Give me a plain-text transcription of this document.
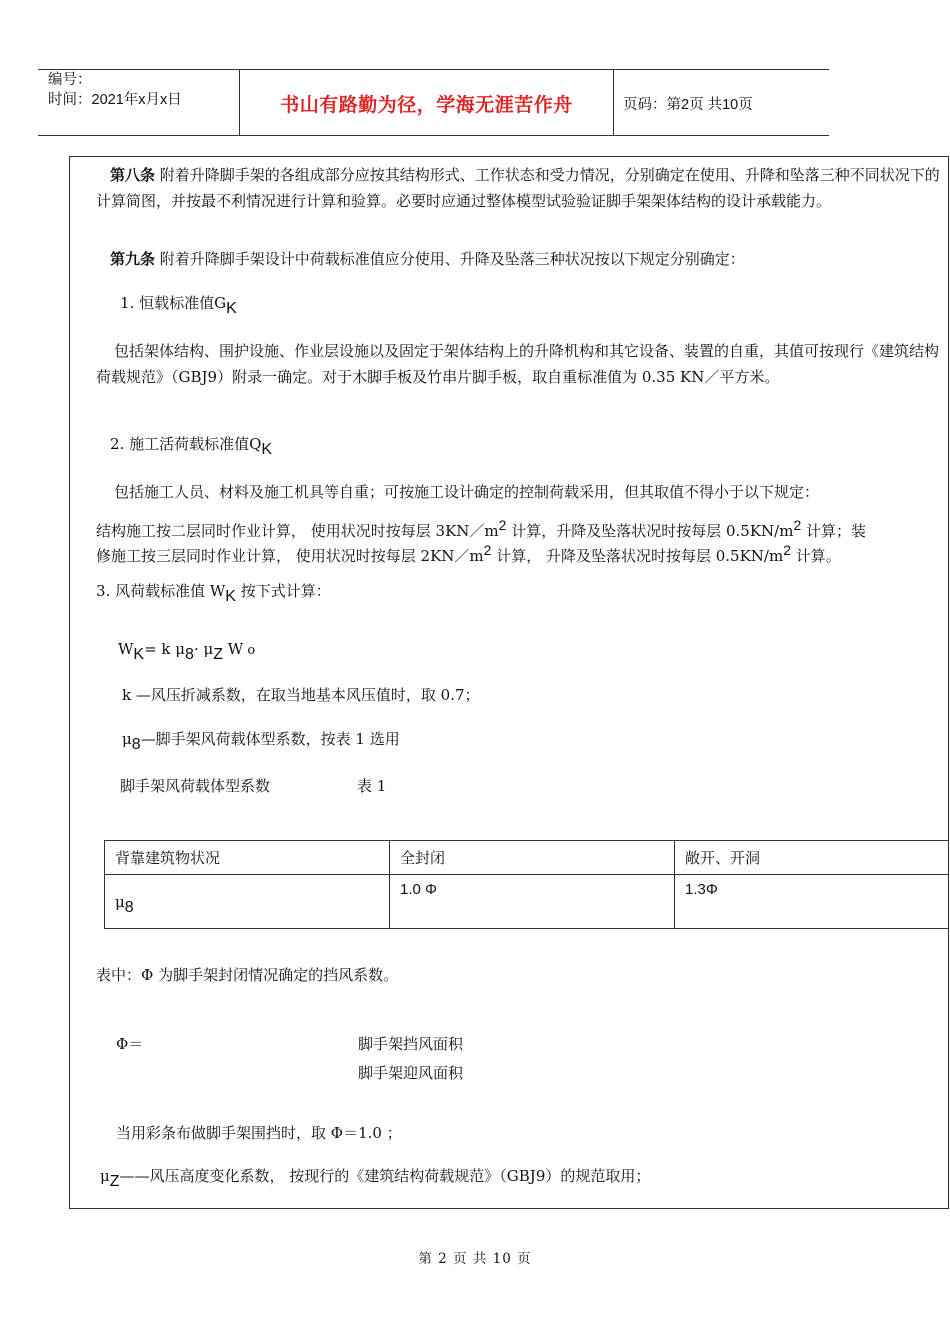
编号：
时间：2021年x月x日	书山有路勤为径，学海无涯苦作舟	页码：第2页 共10页
第八条 附着升降脚手架的各组成部分应按其结构形式、工作状态和受力情况，分别确定在使用、升降和坠落三种不同状况下的计算简图，并按最不利情况进行计算和验算。必要时应通过整体模型试验验证脚手架架体结构的设计承载能力。
第九条 附着升降脚手架设计中荷载标准值应分使用、升降及坠落三种状况按以下规定分别确定：
1. 恒载标准值GK
包括架体结构、围护设施、作业层设施以及固定于架体结构上的升降机构和其它设备、装置的自重，其值可按现行《建筑结构荷载规范》（GBJ9）附录一确定。对于木脚手板及竹串片脚手板，取自重标准值为 0.35 KN／平方米。
2. 施工活荷载标准值QK
包括施工人员、材料及施工机具等自重；可按施工设计确定的控制荷载采用，但其取值不得小于以下规定：
结构施工按二层同时作业计算， 使用状况时按每层 3KN／m2 计算，升降及坠落状况时按每层 0.5KN/m2 计算；装
修施工按三层同时作业计算， 使用状况时按每层 2KN／m2 计算， 升降及坠落状况时按每层 0.5KN/m2 计算。
3. 风荷载标准值 WK 按下式计算：
WK= k μ8· μZ W o
k —风压折减系数，在取当地基本风压值时，取 0.7；
μ8—脚手架风荷载体型系数，按表 1 选用
脚手架风荷载体型系数	表 1
背靠建筑物状况	全封闭	敞开、开洞
μ8	1.0 Φ	1.3Φ
表中：Φ 为脚手架封闭情况确定的挡风系数。
Φ＝	脚手架挡风面积
脚手架迎风面积
当用彩条布做脚手架围挡时，取 Φ＝1.0 ；
μZ——风压高度变化系数， 按现行的《建筑结构荷载规范》（GBJ9）的规范取用；
第 2 页 共 10 页
